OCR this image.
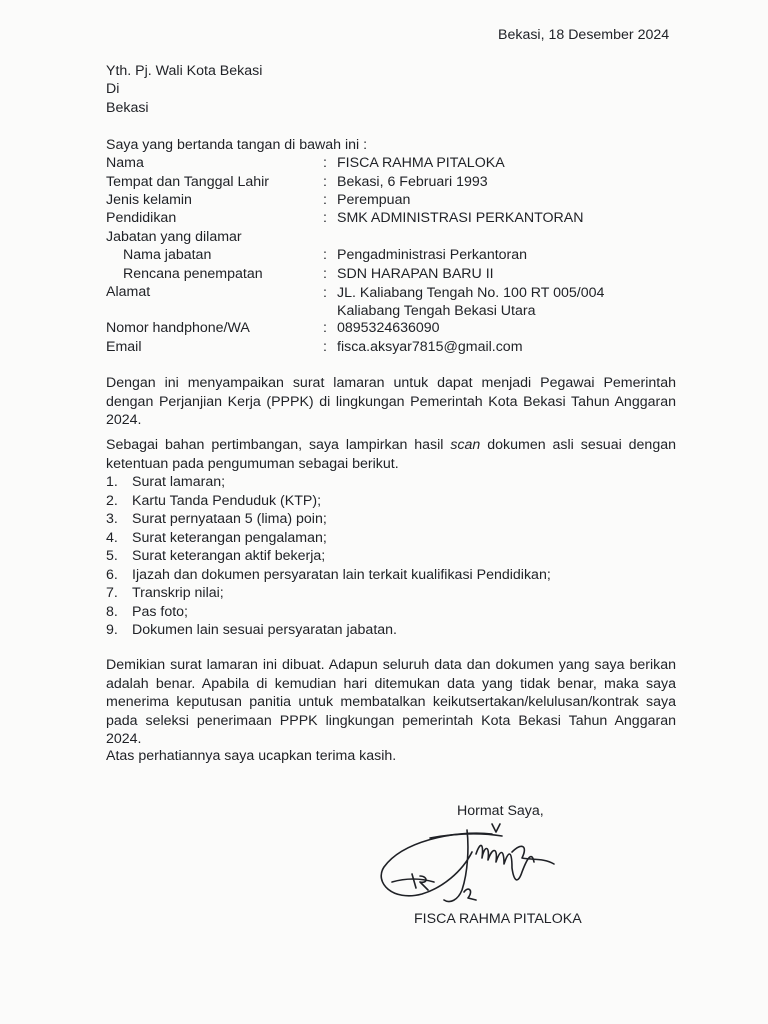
Bekasi, 18 Desember 2024
Yth. Pj. Wali Kota Bekasi
Di
Bekasi
Saya yang bertanda tangan di bawah ini :
Nama	: FISCA RAHMA PITALOKA
Tempat dan Tanggal Lahir	: Bekasi, 6 Februari 1993
Jenis kelamin	: Perempuan
Pendidikan	: SMK ADMINISTRASI PERKANTORAN
Jabatan yang dilamar
Nama jabatan	: Pengadministrasi Perkantoran
Rencana penempatan	: SDN HARAPAN BARU II
Alamat	: JL. Kaliabang Tengah No. 100 RT 005/004
Kaliabang Tengah Bekasi Utara
Nomor handphone/WA	: 0895324636090
Email	: fisca.aksyar7815@gmail.com
Dengan ini menyampaikan surat lamaran untuk dapat menjadi Pegawai Pemerintah dengan Perjanjian Kerja (PPPK) di lingkungan Pemerintah Kota Bekasi Tahun Anggaran 2024.
Sebagai bahan pertimbangan, saya lampirkan hasil scan dokumen asli sesuai dengan ketentuan pada pengumuman sebagai berikut.
1. Surat lamaran;
2. Kartu Tanda Penduduk (KTP);
3. Surat pernyataan 5 (lima) poin;
4. Surat keterangan pengalaman;
5. Surat keterangan aktif bekerja;
6. Ijazah dan dokumen persyaratan lain terkait kualifikasi Pendidikan;
7. Transkrip nilai;
8. Pas foto;
9. Dokumen lain sesuai persyaratan jabatan.
Demikian surat lamaran ini dibuat. Adapun seluruh data dan dokumen yang saya berikan adalah benar. Apabila di kemudian hari ditemukan data yang tidak benar, maka saya menerima keputusan panitia untuk membatalkan keikutsertakan/kelulusan/kontrak saya pada seleksi penerimaan PPPK lingkungan pemerintah Kota Bekasi Tahun Anggaran 2024.
Atas perhatiannya saya ucapkan terima kasih.
Hormat Saya,
FISCA RAHMA PITALOKA
